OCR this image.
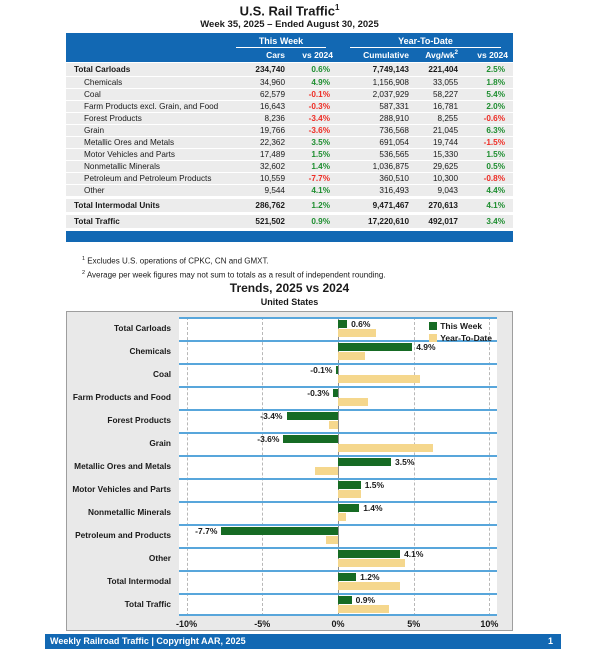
U.S. Rail Traffic$^1$
Week 35, 2025 – Ended August 30, 2025
This Week	Year-To-Date
Cars	vs 2024	Cumulative	Avg/$wk^2$	vs 2024
Total Carloads	234,740	0.6%	7,749,143	221,404	2.5%
Chemicals	34,960	4.9%	1,156,908	33,055	1.8%
Coal	62,579	-0.1%	2,037,929	58,227	5.4%
Farm Products excl. Grain, and Food	16,643	-0.3%	587,331	16,781	2.0%
Forest Products	8,236	-3.4%	288,910	8,255	-0.6%
Grain	19,766	-3.6%	736,568	21,045	6.3%
Metallic Ores and Metals	22,362	3.5%	691,054	19,744	-1.5%
Motor Vehicles and Parts	17,489	1.5%	536,565	15,330	1.5%
Nonmetallic Minerals	32,602	1.4%	1,036,875	29,625	0.5%
Petroleum and Petroleum Products	10,559	-7.7%	360,510	10,300	-0.8%
Other	9,544	4.1%	316,493	9,043	4.4%
Total Intermodal Units	286,762	1.2%	9,471,467	270,613	4.1%
Total Traffic	521,502	0.9%	17,220,610	492,017	3.4%
$^1$ Excludes U.S. operations of CPKC, CN and GMXT.
$^2$ Average per week figures may not sum to totals as a result of independent rounding.
Trends, 2025 vs 2024
United States
0.6%
4.9%
-0.1%
-0.3%
-3.4%
-3.6%
3.5%
1.5%
1.4%
-7.7%
4.1%
1.2%
0.9%
This Week
Year-To-Date
Total Carloads
Chemicals
Coal
Farm Products and Food
Forest Products
Grain
Metallic Ores and Metals
Motor Vehicles and Parts
Nonmetallic Minerals
Petroleum and Products
Other
Total Intermodal
Total Traffic
-10%	-5%	0%	5%	10%
Weekly Railroad Traffic | Copyright AAR, 2025	1
